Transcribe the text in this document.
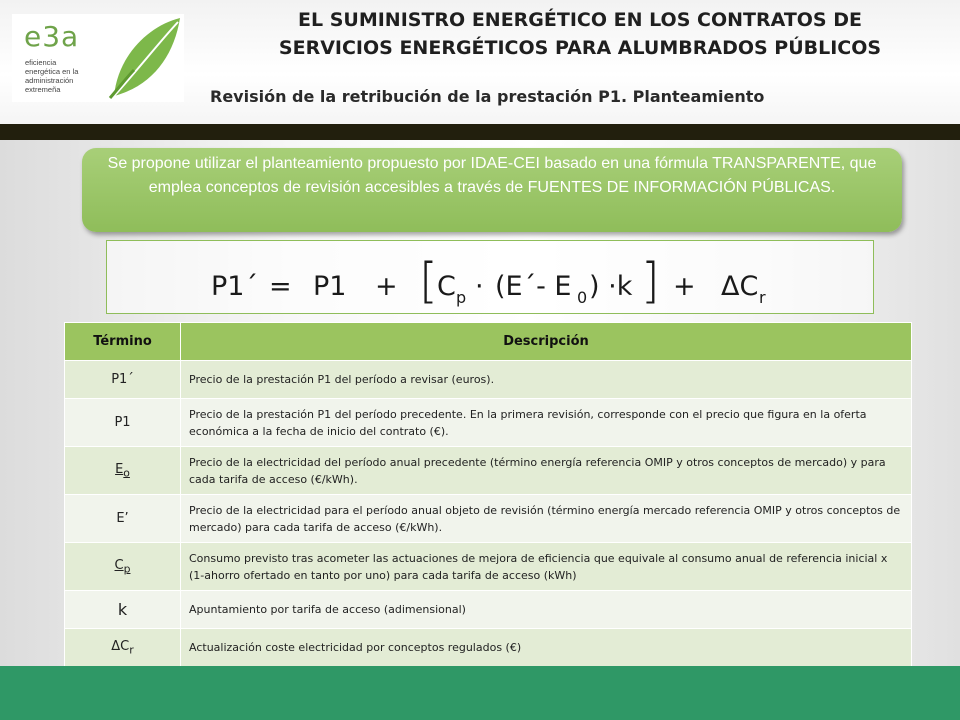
e3a
eficiencia
energética en la
administración
extremeña
EL SUMINISTRO ENERGÉTICO EN LOS CONTRATOS DE
SERVICIOS ENERGÉTICOS PARA ALUMBRADOS PÚBLICOS
Revisión de la retribución de la prestación P1. Planteamiento
Se propone utilizar el planteamiento propuesto por IDAE-CEI basado en una fórmula TRANSPARENTE, que emplea conceptos de revisión accesibles a través de FUENTES DE INFORMACIÓN PÚBLICAS.
P1´ = P1 + [ C p · (E´- E 0 ) ·k ] + ΔC r
Término	Descripción
P1´	Precio de la prestación P1 del período a revisar (euros).
P1	Precio de la prestación P1 del período precedente. En la primera revisión, corresponde con el precio que figura en la oferta económica a la fecha de inicio del contrato (€).
$E_o$	Precio de la electricidad del período anual precedente (término energía referencia OMIP y otros conceptos de mercado) y para cada tarifa de acceso (€/kWh).
E’	Precio de la electricidad para el período anual objeto de revisión (término energía mercado referencia OMIP y otros conceptos de mercado) para cada tarifa de acceso (€/kWh).
$C_p$	Consumo previsto tras acometer las actuaciones de mejora de eficiencia que equivale al consumo anual de referencia inicial x (1-ahorro ofertado en tanto por uno) para cada tarifa de acceso (kWh)
k	Apuntamiento por tarifa de acceso (adimensional)
$\Delta C_r$	Actualización coste electricidad por conceptos regulados (€)
